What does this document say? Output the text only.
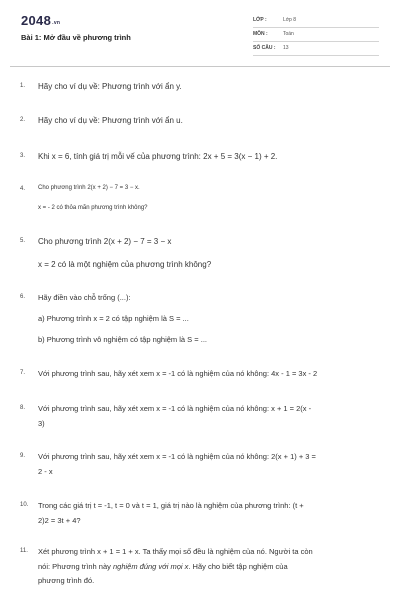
2048.vn
Bài 1: Mở đầu về phương trình
LỚP :	Lớp 8
MÔN :	Toán
SỐ CÂU : 13
1. Hãy cho ví dụ về: Phương trình với ẩn y.
2. Hãy cho ví dụ về: Phương trình với ẩn u.
3. Khi x = 6, tính giá trị mỗi vế của phương trình: 2x + 5 = 3(x − 1) + 2.
4. Cho phương trình 2(x + 2) − 7 = 3 − x.
x = - 2 có thỏa mãn phương trình không?
5. Cho phương trình 2(x + 2) − 7 = 3 − x
x = 2 có là một nghiệm của phương trình không?
6. Hãy điền vào chỗ trống (...):
a) Phương trình x = 2 có tập nghiệm là S = ...
b) Phương trình vô nghiệm có tập nghiệm là S = ...
7. Với phương trình sau, hãy xét xem x = -1 có là nghiệm của nó không: 4x - 1 = 3x - 2
8. Với phương trình sau, hãy xét xem x = -1 có là nghiệm của nó không: x + 1 = 2(x -
3)
9. Với phương trình sau, hãy xét xem x = -1 có là nghiệm của nó không: 2(x + 1) + 3 =
2 - x
10. Trong các giá trị t = -1, t = 0 và t = 1, giá trị nào là nghiệm của phương trình: (t +
2)2 = 3t + 4?
11. Xét phương trình x + 1 = 1 + x. Ta thấy mọi số đều là nghiệm của nó. Người ta còn
nói: Phương trình này nghiệm đúng với mọi x. Hãy cho biết tập nghiệm của
phương trình đó.
